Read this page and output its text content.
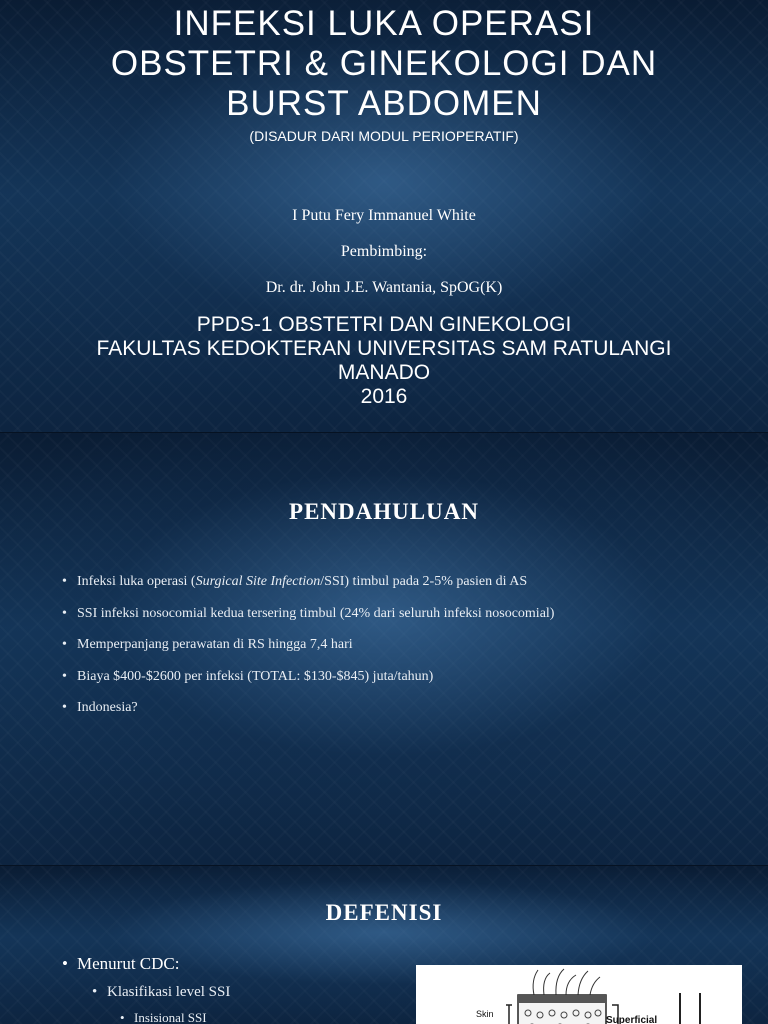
INFEKSI LUKA OPERASI
OBSTETRI & GINEKOLOGI DAN
BURST ABDOMEN
(DISADUR DARI MODUL PERIOPERATIF)
I Putu Fery Immanuel White
Pembimbing:
Dr. dr. John J.E. Wantania, SpOG(K)
PPDS-1 OBSTETRI DAN GINEKOLOGI
FAKULTAS KEDOKTERAN UNIVERSITAS SAM RATULANGI
MANADO
2016
PENDAHULUAN
• Infeksi luka operasi (Surgical Site Infection/SSI) timbul pada 2-5% pasien di AS
• SSI infeksi nosocomial kedua tersering timbul (24% dari seluruh infeksi nosocomial)
• Memperpanjang perawatan di RS hingga 7,4 hari
• Biaya $400-$2600 per infeksi (TOTAL: $130-$845) juta/tahun)
• Indonesia?
DEFENISI
• Menurut CDC:
• Klasifikasi level SSI
• Insisional SSI	Skin
Superficial
